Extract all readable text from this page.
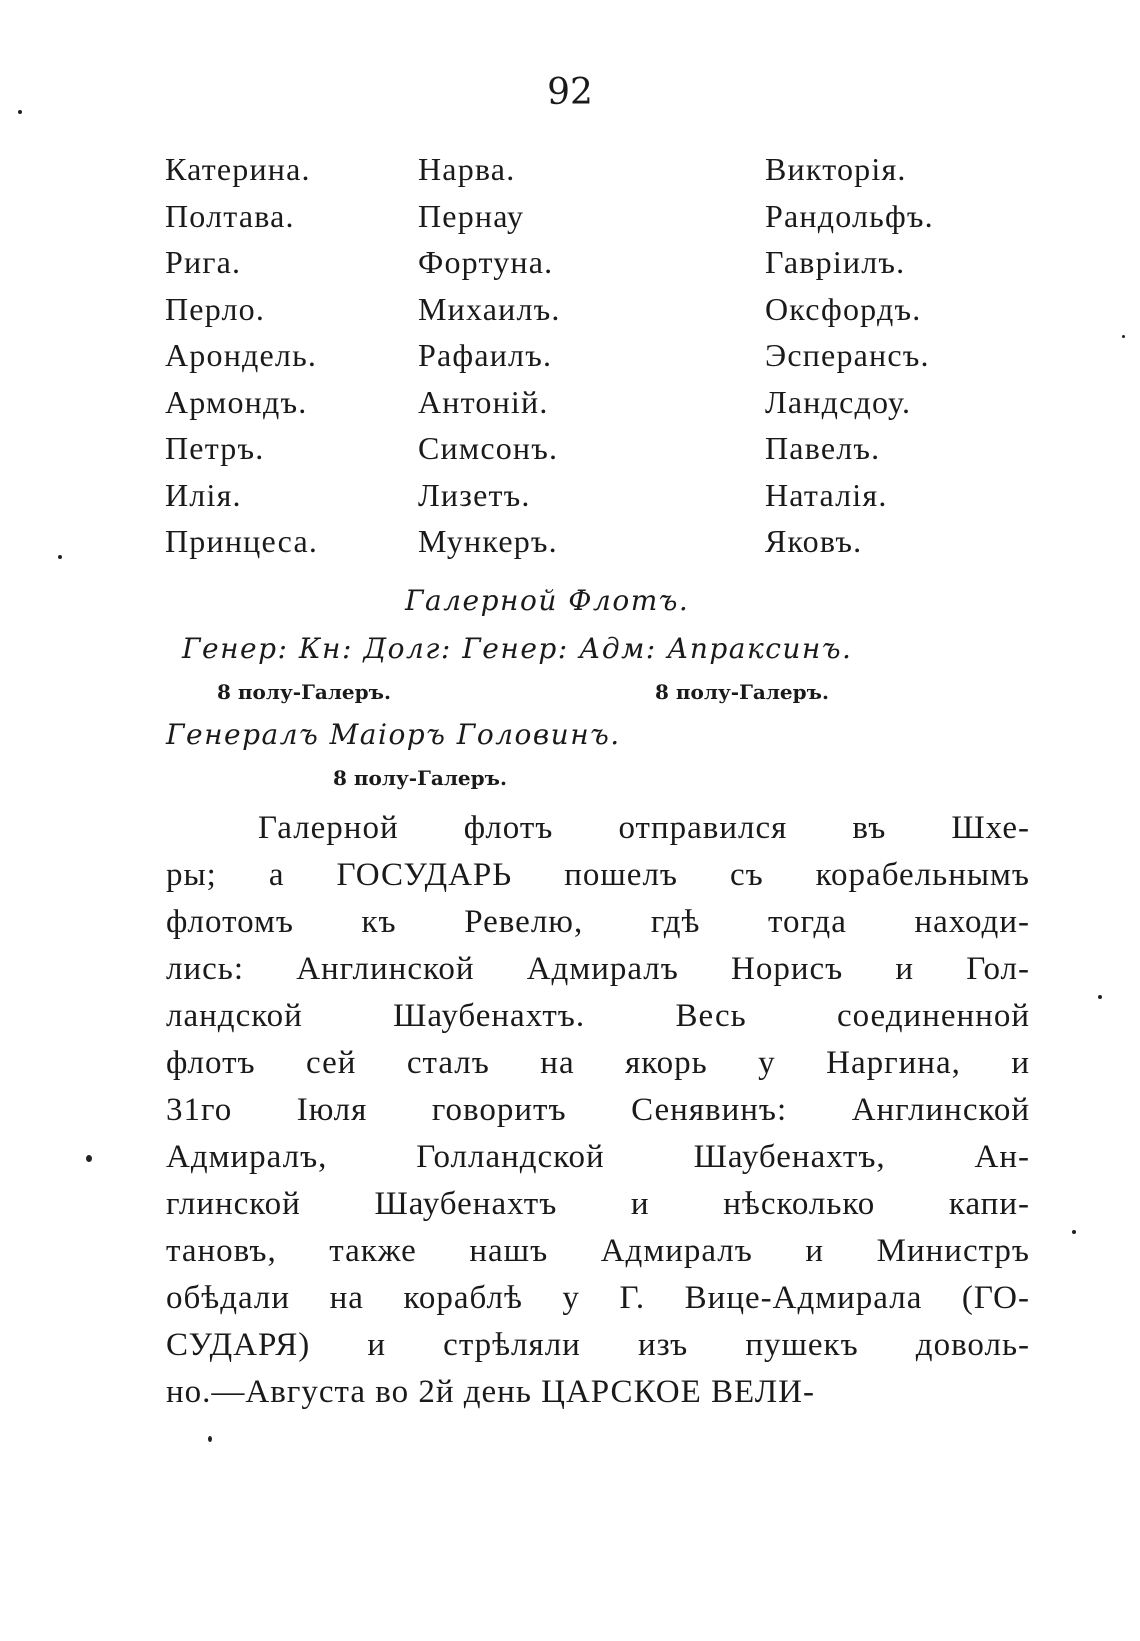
92
Катерина.
Полтава.
Рига.
Перло.
Арондель.
Армондъ.
Петръ.
Илія.
Принцеса.
Нарва.
Пернау
Фортуна.
Михаилъ.
Рафаилъ.
Антоній.
Симсонъ.
Лизетъ.
Мункеръ.
Викторія.
Рандольфъ.
Гавріилъ.
Оксфордъ.
Эсперансъ.
Ландсдоу.
Павелъ.
Наталія.
Яковъ.
Галерной Флотъ.
Генер: Кн: Долг: Генер: Адм: Апраксинъ.
8 полу-Галеръ.	8 полу-Галеръ.
Генералъ Маіоръ Головинъ.
8 полу-Галеръ.
Галерной флотъ отправился въ Шхе-
ры; а ГОСУДАРЬ пошелъ съ корабельнымъ
флотомъ къ Ревелю, гдѣ тогда находи-
лись: Англинской Адмиралъ Норисъ и Гол-
ландской Шаубенахтъ. Весь соединенной
флотъ сей сталъ на якорь у Наргина, и
31го Іюля говоритъ Сенявинъ: Англинской
Адмиралъ, Голландской Шаубенахтъ, Ан-
глинской Шаубенахтъ и нѣсколько капи-
тановъ, также нашъ Адмиралъ и Министръ
обѣдали на кораблѣ у Г. Вице-Адмирала (ГО-
СУДАРЯ) и стрѣляли изъ пушекъ доволь-
но.—Августа во 2й день ЦАРСКОЕ ВЕЛИ-
